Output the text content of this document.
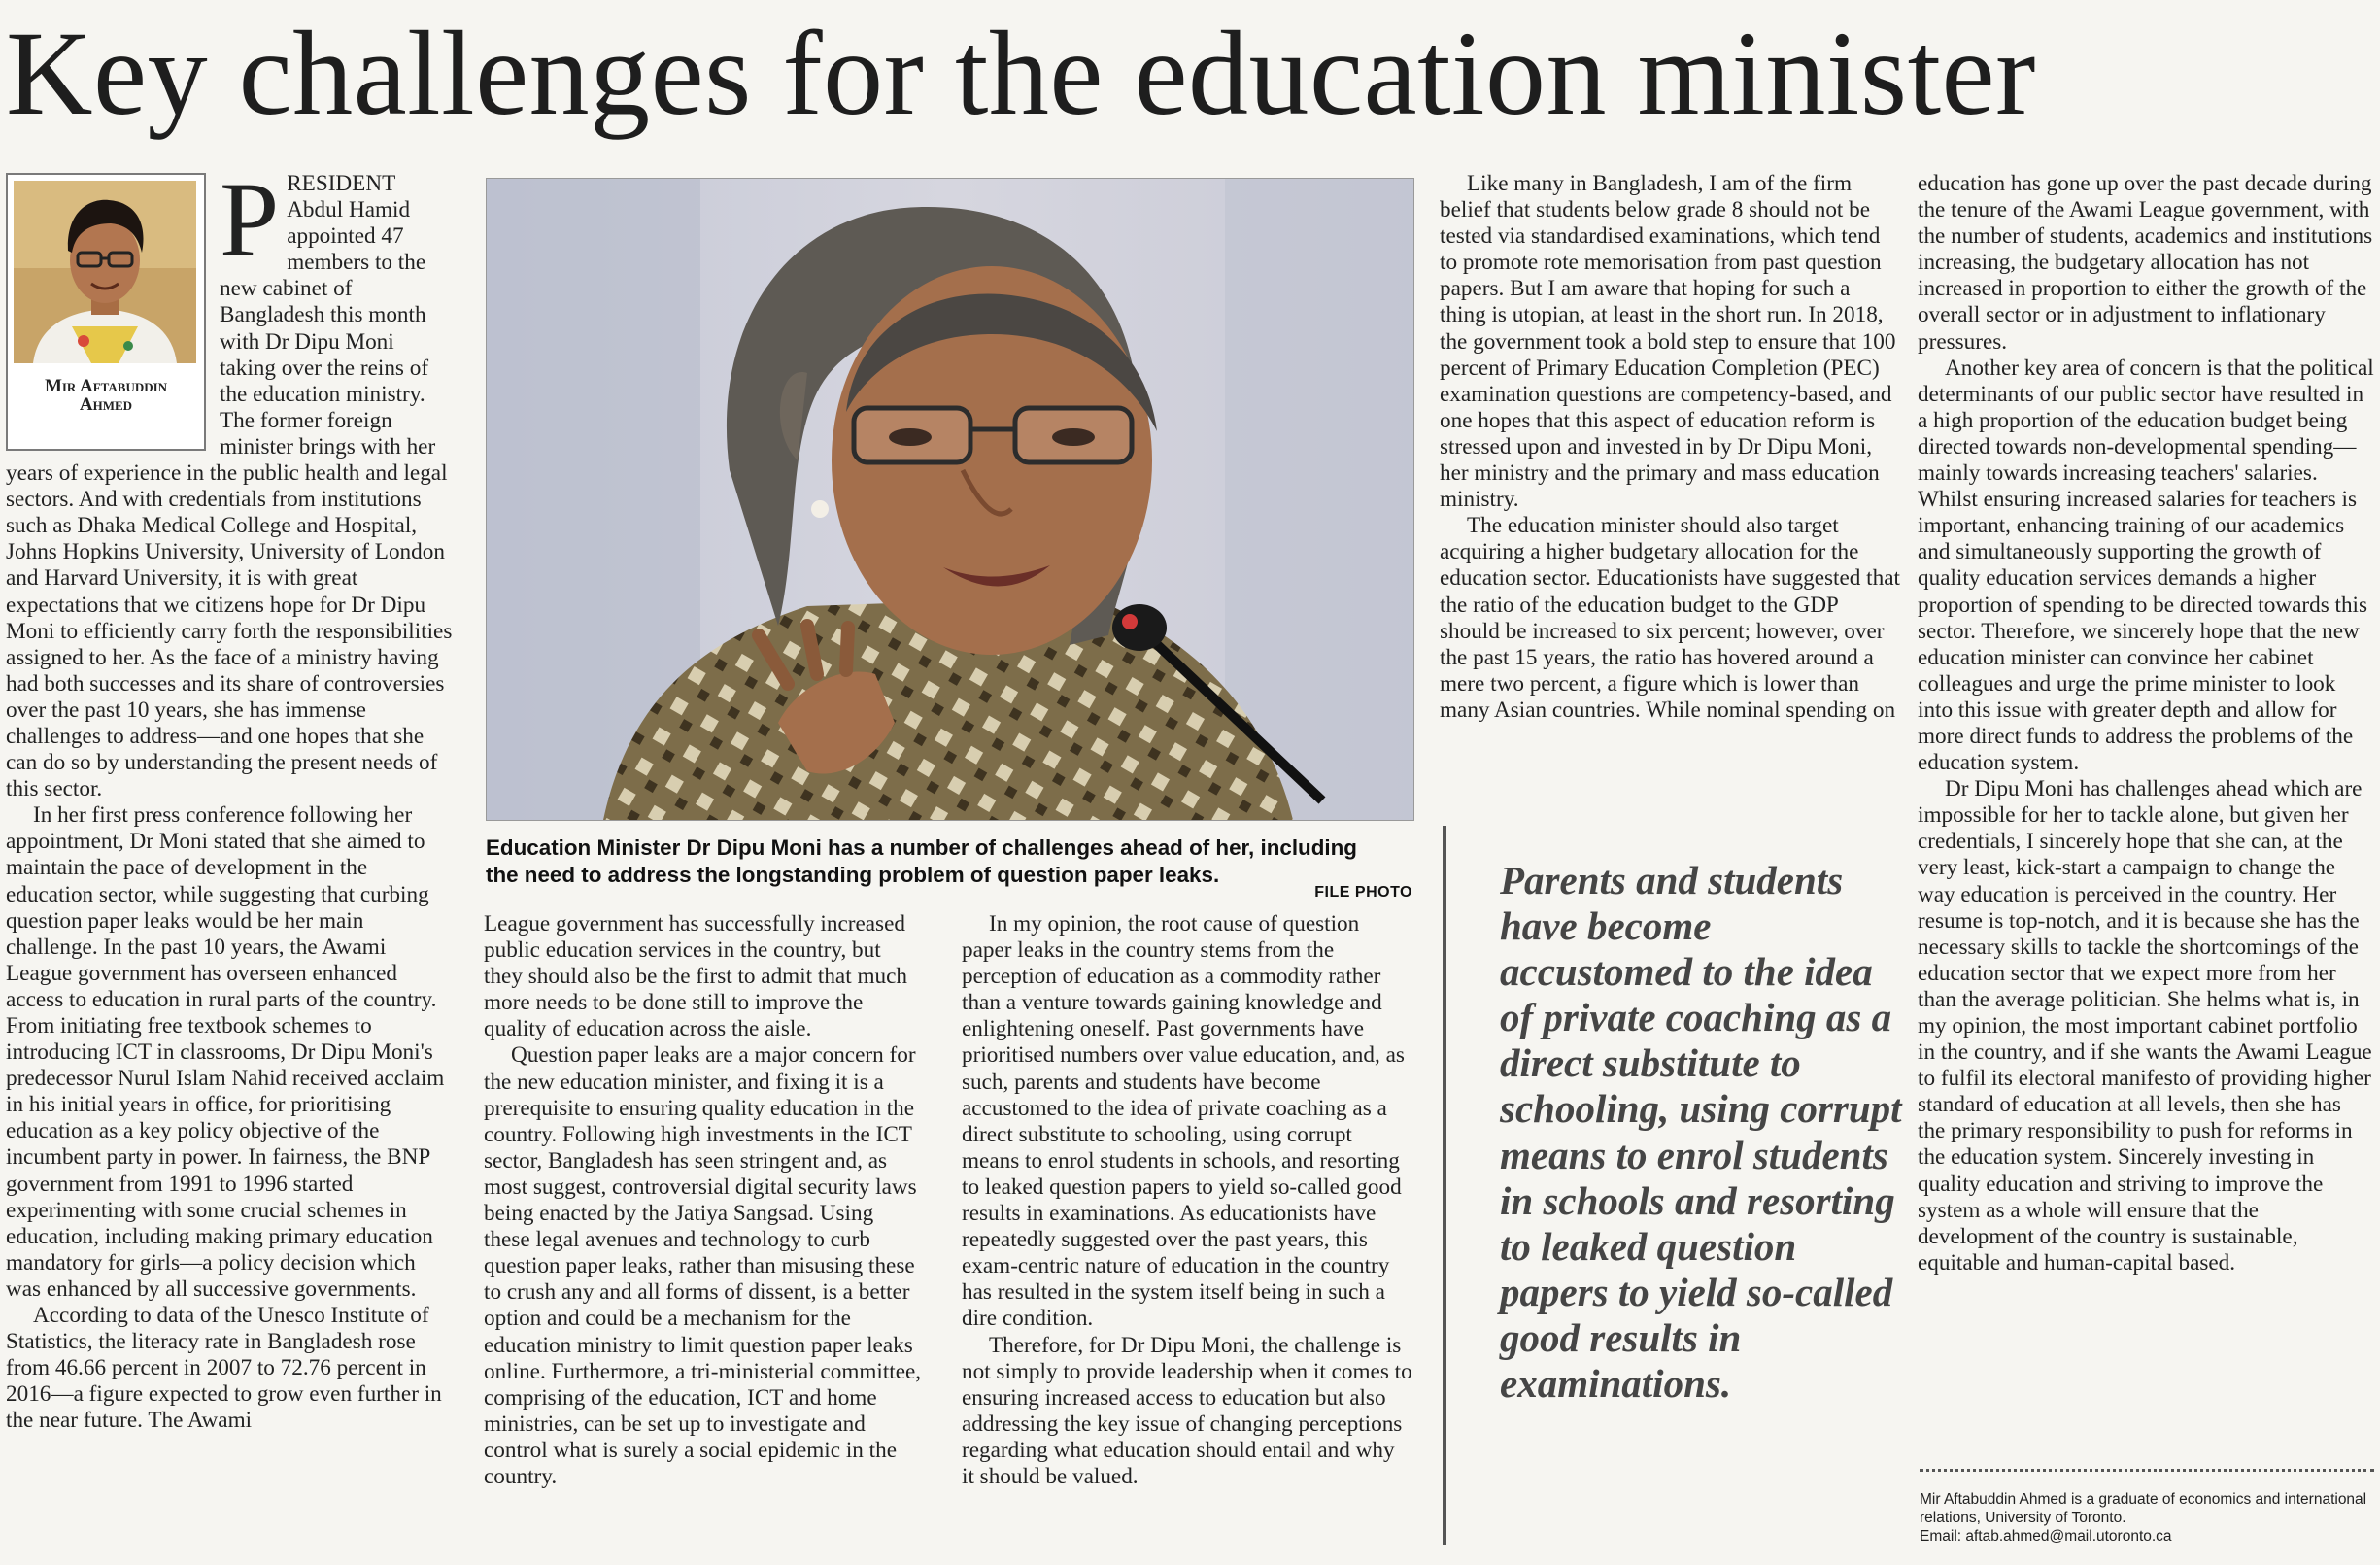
Key challenges for the education minister
Mir Aftabuddin
Ahmed
P RESIDENT Abdul Hamid appointed 47 members to the new cabinet of Bangladesh this month with Dr Dipu Moni taking over the reins of the education ministry. The former foreign minister brings with her years of experience in the public health and legal sectors. And with credentials from institutions such as Dhaka Medical College and Hospital, Johns Hopkins University, University of London and Harvard University, it is with great expectations that we citizens hope for Dr Dipu Moni to efficiently carry forth the responsibilities assigned to her. As the face of a ministry having had both successes and its share of controversies over the past 10 years, she has immense challenges to address—and one hopes that she can do so by understanding the present needs of this sector.

In her first press conference following her appointment, Dr Moni stated that she aimed to maintain the pace of development in the education sector, while suggesting that curbing question paper leaks would be her main challenge. In the past 10 years, the Awami League government has overseen enhanced access to education in rural parts of the country. From initiating free textbook schemes to introducing ICT in classrooms, Dr Dipu Moni's predecessor Nurul Islam Nahid received acclaim in his initial years in office, for prioritising education as a key policy objective of the incumbent party in power. In fairness, the BNP government from 1991 to 1996 started experimenting with some crucial schemes in education, including making primary education mandatory for girls—a policy decision which was enhanced by all successive governments.

According to data of the Unesco Institute of Statistics, the literacy rate in Bangladesh rose from 46.66 percent in 2007 to 72.76 percent in 2016—a figure expected to grow even further in the near future. The Awami

Education Minister Dr Dipu Moni has a number of challenges ahead of her, including the need to address the longstanding problem of question paper leaks.
FILE PHOTO

League government has successfully increased public education services in the country, but they should also be the first to admit that much more needs to be done still to improve the quality of education across the aisle.

Question paper leaks are a major concern for the new education minister, and fixing it is a prerequisite to ensuring quality education in the country. Following high investments in the ICT sector, Bangladesh has seen stringent and, as most suggest, controversial digital security laws being enacted by the Jatiya Sangsad. Using these legal avenues and technology to curb question paper leaks, rather than misusing these to crush any and all forms of dissent, is a better option and could be a mechanism for the education ministry to limit question paper leaks online. Furthermore, a tri-ministerial committee, comprising of the education, ICT and home ministries, can be set up to investigate and control what is surely a social epidemic in the country.

In my opinion, the root cause of question paper leaks in the country stems from the perception of education as a commodity rather than a venture towards gaining knowledge and enlightening oneself. Past governments have prioritised numbers over value education, and, as such, parents and students have become accustomed to the idea of private coaching as a direct substitute to schooling, using corrupt means to enrol students in schools, and resorting to leaked question papers to yield so-called good results in examinations. As educationists have repeatedly suggested over the past years, this exam-centric nature of education in the country has resulted in the system itself being in such a dire condition.

Therefore, for Dr Dipu Moni, the challenge is not simply to provide leadership when it comes to ensuring increased access to education but also addressing the key issue of changing perceptions regarding what education should entail and why it should be valued.

Like many in Bangladesh, I am of the firm belief that students below grade 8 should not be tested via standardised examinations, which tend to promote rote memorisation from past question papers. But I am aware that hoping for such a thing is utopian, at least in the short run. In 2018, the government took a bold step to ensure that 100 percent of Primary Education Completion (PEC) examination questions are competency-based, and one hopes that this aspect of education reform is stressed upon and invested in by Dr Dipu Moni, her ministry and the primary and mass education ministry.

The education minister should also target acquiring a higher budgetary allocation for the education sector. Educationists have suggested that the ratio of the education budget to the GDP should be increased to six percent; however, over the past 15 years, the ratio has hovered around a mere two percent, a figure which is lower than many Asian countries. While nominal spending on

Parents and students have become accustomed to the idea of private coaching as a direct substitute to schooling, using corrupt means to enrol students in schools and resorting to leaked question papers to yield so-called good results in examinations.

education has gone up over the past decade during the tenure of the Awami League government, with the number of students, academics and institutions increasing, the budgetary allocation has not increased in proportion to either the growth of the overall sector or in adjustment to inflationary pressures.

Another key area of concern is that the political determinants of our public sector have resulted in a high proportion of the education budget being directed towards non-developmental spending—mainly towards increasing teachers' salaries. Whilst ensuring increased salaries for teachers is important, enhancing training of our academics and simultaneously supporting the growth of quality education services demands a higher proportion of spending to be directed towards this sector. Therefore, we sincerely hope that the new education minister can convince her cabinet colleagues and urge the prime minister to look into this issue with greater depth and allow for more direct funds to address the problems of the education system.

Dr Dipu Moni has challenges ahead which are impossible for her to tackle alone, but given her credentials, I sincerely hope that she can, at the very least, kick-start a campaign to change the way education is perceived in the country. Her resume is top-notch, and it is because she has the necessary skills to tackle the shortcomings of the education sector that we expect more from her than the average politician. She helms what is, in my opinion, the most important cabinet portfolio in the country, and if she wants the Awami League to fulfil its electoral manifesto of providing higher standard of education at all levels, then she has the primary responsibility to push for reforms in the education system. Sincerely investing in quality education and striving to improve the system as a whole will ensure that the development of the country is sustainable, equitable and human-capital based.

Mir Aftabuddin Ahmed is a graduate of economics and international relations, University of Toronto.
Email: aftab.ahmed@mail.utoronto.ca
